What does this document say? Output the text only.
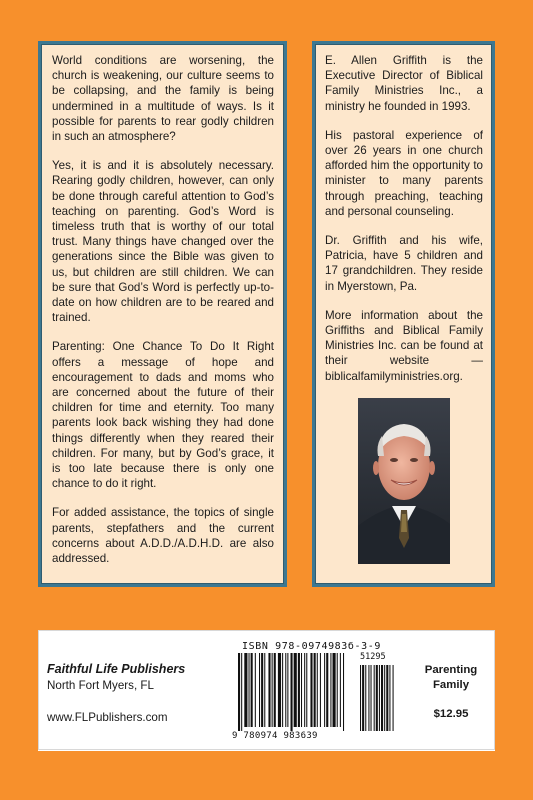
World conditions are worsening, the church is weakening, our culture seems to be collapsing, and the family is being undermined in a multitude of ways. Is it possible for parents to rear godly children in such an atmosphere?

Yes, it is and it is absolutely necessary. Rearing godly children, however, can only be done through careful attention to God’s teaching on parenting. God’s Word is timeless truth that is worthy of our total trust. Many things have changed over the generations since the Bible was given to us, but children are still children. We can be sure that God’s Word is perfectly up-to-date on how children are to be reared and trained.

Parenting: One Chance To Do It Right offers a message of hope and encouragement to dads and moms who are concerned about the future of their children for time and eternity. Too many parents look back wishing they had done things differently when they reared their children. For many, but by God’s grace, it is too late because there is only one chance to do it right.

For added assistance, the topics of single parents, stepfathers and the current concerns about A.D.D./A.D.H.D. are also addressed.

E. Allen Griffith is the Executive Director of Biblical Family Ministries Inc., a ministry he founded in 1993.

His pastoral experience of over 26 years in one church afforded him the opportunity to minister to many parents through preaching, teaching and personal counseling.

Dr. Griffith and his wife, Patricia, have 5 children and 17 grandchildren. They reside in Myerstown, Pa.

More information about the Griffiths and Biblical Family Ministries Inc. can be found at their website — biblicalfamilyministries.org.

Faithful Life Publishers
North Fort Myers, FL
www.FLPublishers.com
ISBN 978-0974983б-3-9
51295
9 780974 983639
Parenting
Family
$12.95
